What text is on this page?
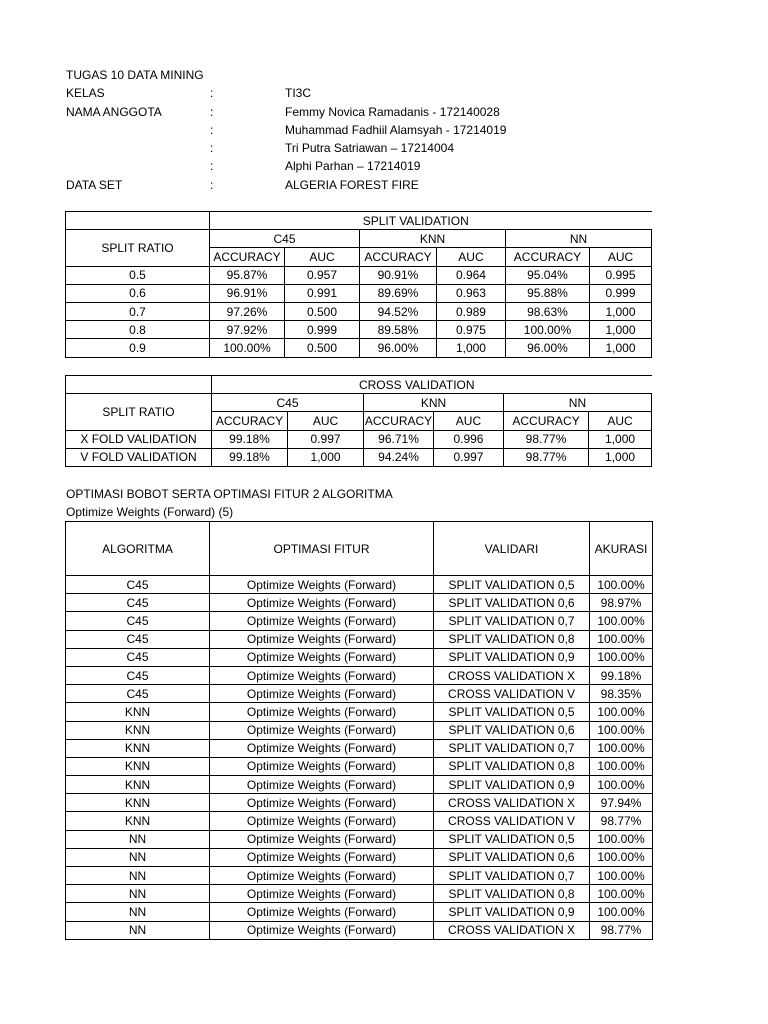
TUGAS 10 DATA MINING
KELAS	:	TI3C
NAMA ANGGOTA	:	Femmy Novica Ramadanis - 172140028
:	Muhammad Fadhiil Alamsyah - 17214019
:	Tri Putra Satriawan – 17214004
:	Alphi Parhan – 17214019
DATA SET	:	ALGERIA FOREST FIRE
	SPLIT VALIDATION					
SPLIT RATIO	C45		KNN		NN	
	ACCURACY	AUC	ACCURACY	AUC	ACCURACY	AUC
0.5	95.87%	0.957	90.91%	0.964	95.04%	0.995
0.6	96.91%	0.991	89.69%	0.963	95.88%	0.999
0.7	97.26%	0.500	94.52%	0.989	98.63%	1,000
0.8	97.92%	0.999	89.58%	0.975	100.00%	1,000
0.9	100.00%	0.500	96.00%	1,000	96.00%	1,000
	CROSS VALIDATION					
SPLIT RATIO	C45		KNN		NN	
	ACCURACY	AUC	ACCURACY	AUC	ACCURACY	AUC
X FOLD VALIDATION	99.18%	0.997	96.71%	0.996	98.77%	1,000
V FOLD VALIDATION	99.18%	1,000	94.24%	0.997	98.77%	1,000
OPTIMASI BOBOT SERTA OPTIMASI FITUR 2 ALGORITMA
Optimize Weights (Forward) (5)
ALGORITMA	OPTIMASI FITUR	VALIDARI	AKURASI
C45	Optimize Weights (Forward)	SPLIT VALIDATION 0,5	100.00%
C45	Optimize Weights (Forward)	SPLIT VALIDATION 0,6	98.97%
C45	Optimize Weights (Forward)	SPLIT VALIDATION 0,7	100.00%
C45	Optimize Weights (Forward)	SPLIT VALIDATION 0,8	100.00%
C45	Optimize Weights (Forward)	SPLIT VALIDATION 0,9	100.00%
C45	Optimize Weights (Forward)	CROSS VALIDATION X	99.18%
C45	Optimize Weights (Forward)	CROSS VALIDATION V	98.35%
KNN	Optimize Weights (Forward)	SPLIT VALIDATION 0,5	100.00%
KNN	Optimize Weights (Forward)	SPLIT VALIDATION 0,6	100.00%
KNN	Optimize Weights (Forward)	SPLIT VALIDATION 0,7	100.00%
KNN	Optimize Weights (Forward)	SPLIT VALIDATION 0,8	100.00%
KNN	Optimize Weights (Forward)	SPLIT VALIDATION 0,9	100.00%
KNN	Optimize Weights (Forward)	CROSS VALIDATION X	97.94%
KNN	Optimize Weights (Forward)	CROSS VALIDATION V	98.77%
NN	Optimize Weights (Forward)	SPLIT VALIDATION 0,5	100.00%
NN	Optimize Weights (Forward)	SPLIT VALIDATION 0,6	100.00%
NN	Optimize Weights (Forward)	SPLIT VALIDATION 0,7	100.00%
NN	Optimize Weights (Forward)	SPLIT VALIDATION 0,8	100.00%
NN	Optimize Weights (Forward)	SPLIT VALIDATION 0,9	100.00%
NN	Optimize Weights (Forward)	CROSS VALIDATION X	98.77%
